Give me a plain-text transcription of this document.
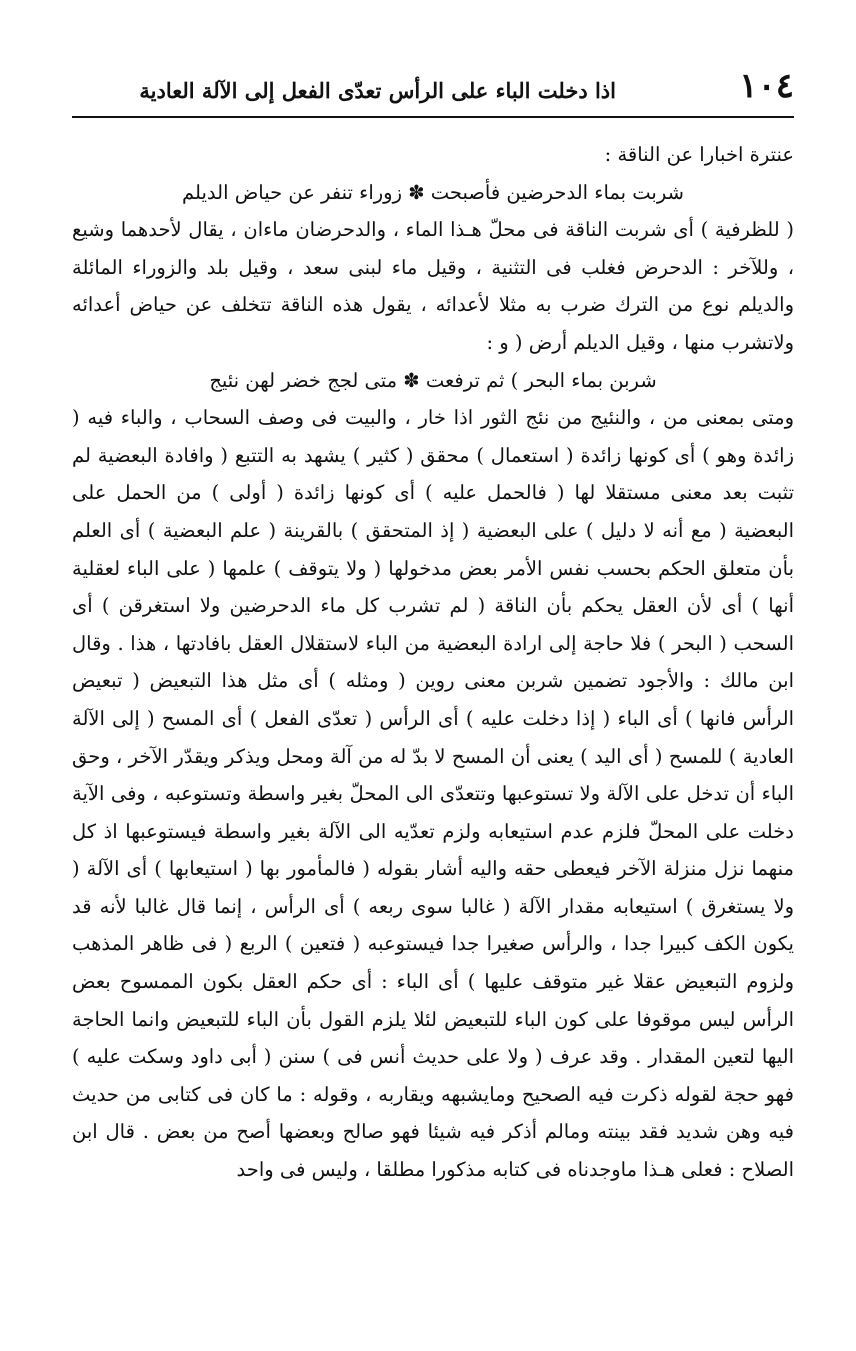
١٠٤
اذا دخلت الباء على الرأس تعدّى الفعل إلى الآلة العادية

عنترة اخبارا عن الناقة :

شربت بماء الدحرضين فأصبحت ✽ زوراء تنفر عن حياض الديلم

( للظرفية ) أى شربت الناقة فى محلّ هـذا الماء ، والدحرضان ماءان ، يقال لأحدهما وشيع ، وللآخر : الدحرض فغلب فى التثنية ، وقيل ماء لبنى سعد ، وقيل بلد والزوراء المائلة والديلم نوع من الترك ضرب به مثلا لأعدائه ، يقول هذه الناقة تتخلف عن حياض أعدائه ولاتشرب منها ، وقيل الديلم أرض ( و :

شربن بماء البحر ) ثم ترفعت ✽ متى لجج خضر لهن نئيج

ومتى بمعنى من ، والنئيج من نئج الثور اذا خار ، والبيت فى وصف السحاب ، والباء فيه ( زائدة وهو ) أى كونها زائدة ( استعمال ) محقق ( كثير ) يشهد به التتبع ( وافادة البعضية لم تثبت بعد معنى مستقلا لها ( فالحمل عليه ) أى كونها زائدة ( أولى ) من الحمل على البعضية ( مع أنه لا دليل ) على البعضية ( إذ المتحقق ) بالقرينة ( علم البعضية ) أى العلم بأن متعلق الحكم بحسب نفس الأمر بعض مدخولها ( ولا يتوقف ) علمها ( على الباء لعقلية أنها ) أى لأن العقل يحكم بأن الناقة ( لم تشرب كل ماء الدحرضين ولا استغرقن ) أى السحب ( البحر ) فلا حاجة إلى ارادة البعضية من الباء لاستقلال العقل بافادتها ، هذا . وقال ابن مالك : والأجود تضمين شربن معنى روين ( ومثله ) أى مثل هذا التبعيض ( تبعيض الرأس فانها ) أى الباء ( إذا دخلت عليه ) أى الرأس ( تعدّى الفعل ) أى المسح ( إلى الآلة العادية ) للمسح ( أى اليد ) يعنى أن المسح لا بدّ له من آلة ومحل ويذكر ويقدّر الآخر ، وحق الباء أن تدخل على الآلة ولا تستوعبها وتتعدّى الى المحلّ بغير واسطة وتستوعبه ، وفى الآية دخلت على المحلّ فلزم عدم استيعابه ولزم تعدّيه الى الآلة بغير واسطة فيستوعبها اذ كل منهما نزل منزلة الآخر فيعطى حقه واليه أشار بقوله ( فالمأمور بها ( استيعابها ) أى الآلة ( ولا يستغرق ) استيعابه مقدار الآلة ( غالبا سوى ربعه ) أى الرأس ، إنما قال غالبا لأنه قد يكون الكف كبيرا جدا ، والرأس صغيرا جدا فيستوعبه ( فتعين ) الربع ( فى ظاهر المذهب ولزوم التبعيض عقلا غير متوقف عليها ) أى الباء : أى حكم العقل بكون الممسوح بعض الرأس ليس موقوفا على كون الباء للتبعيض لئلا يلزم القول بأن الباء للتبعيض وانما الحاجة اليها لتعين المقدار . وقد عرف ( ولا على حديث أنس فى ) سنن ( أبى داود وسكت عليه ) فهو حجة لقوله ذكرت فيه الصحيح ومايشبهه ويقاربه ، وقوله : ما كان فى كتابى من حديث فيه وهن شديد فقد بينته ومالم أذكر فيه شيئا فهو صالح وبعضها أصح من بعض . قال ابن الصلاح : فعلى هـذا ماوجدناه فى كتابه مذكورا مطلقا ، وليس فى واحد
